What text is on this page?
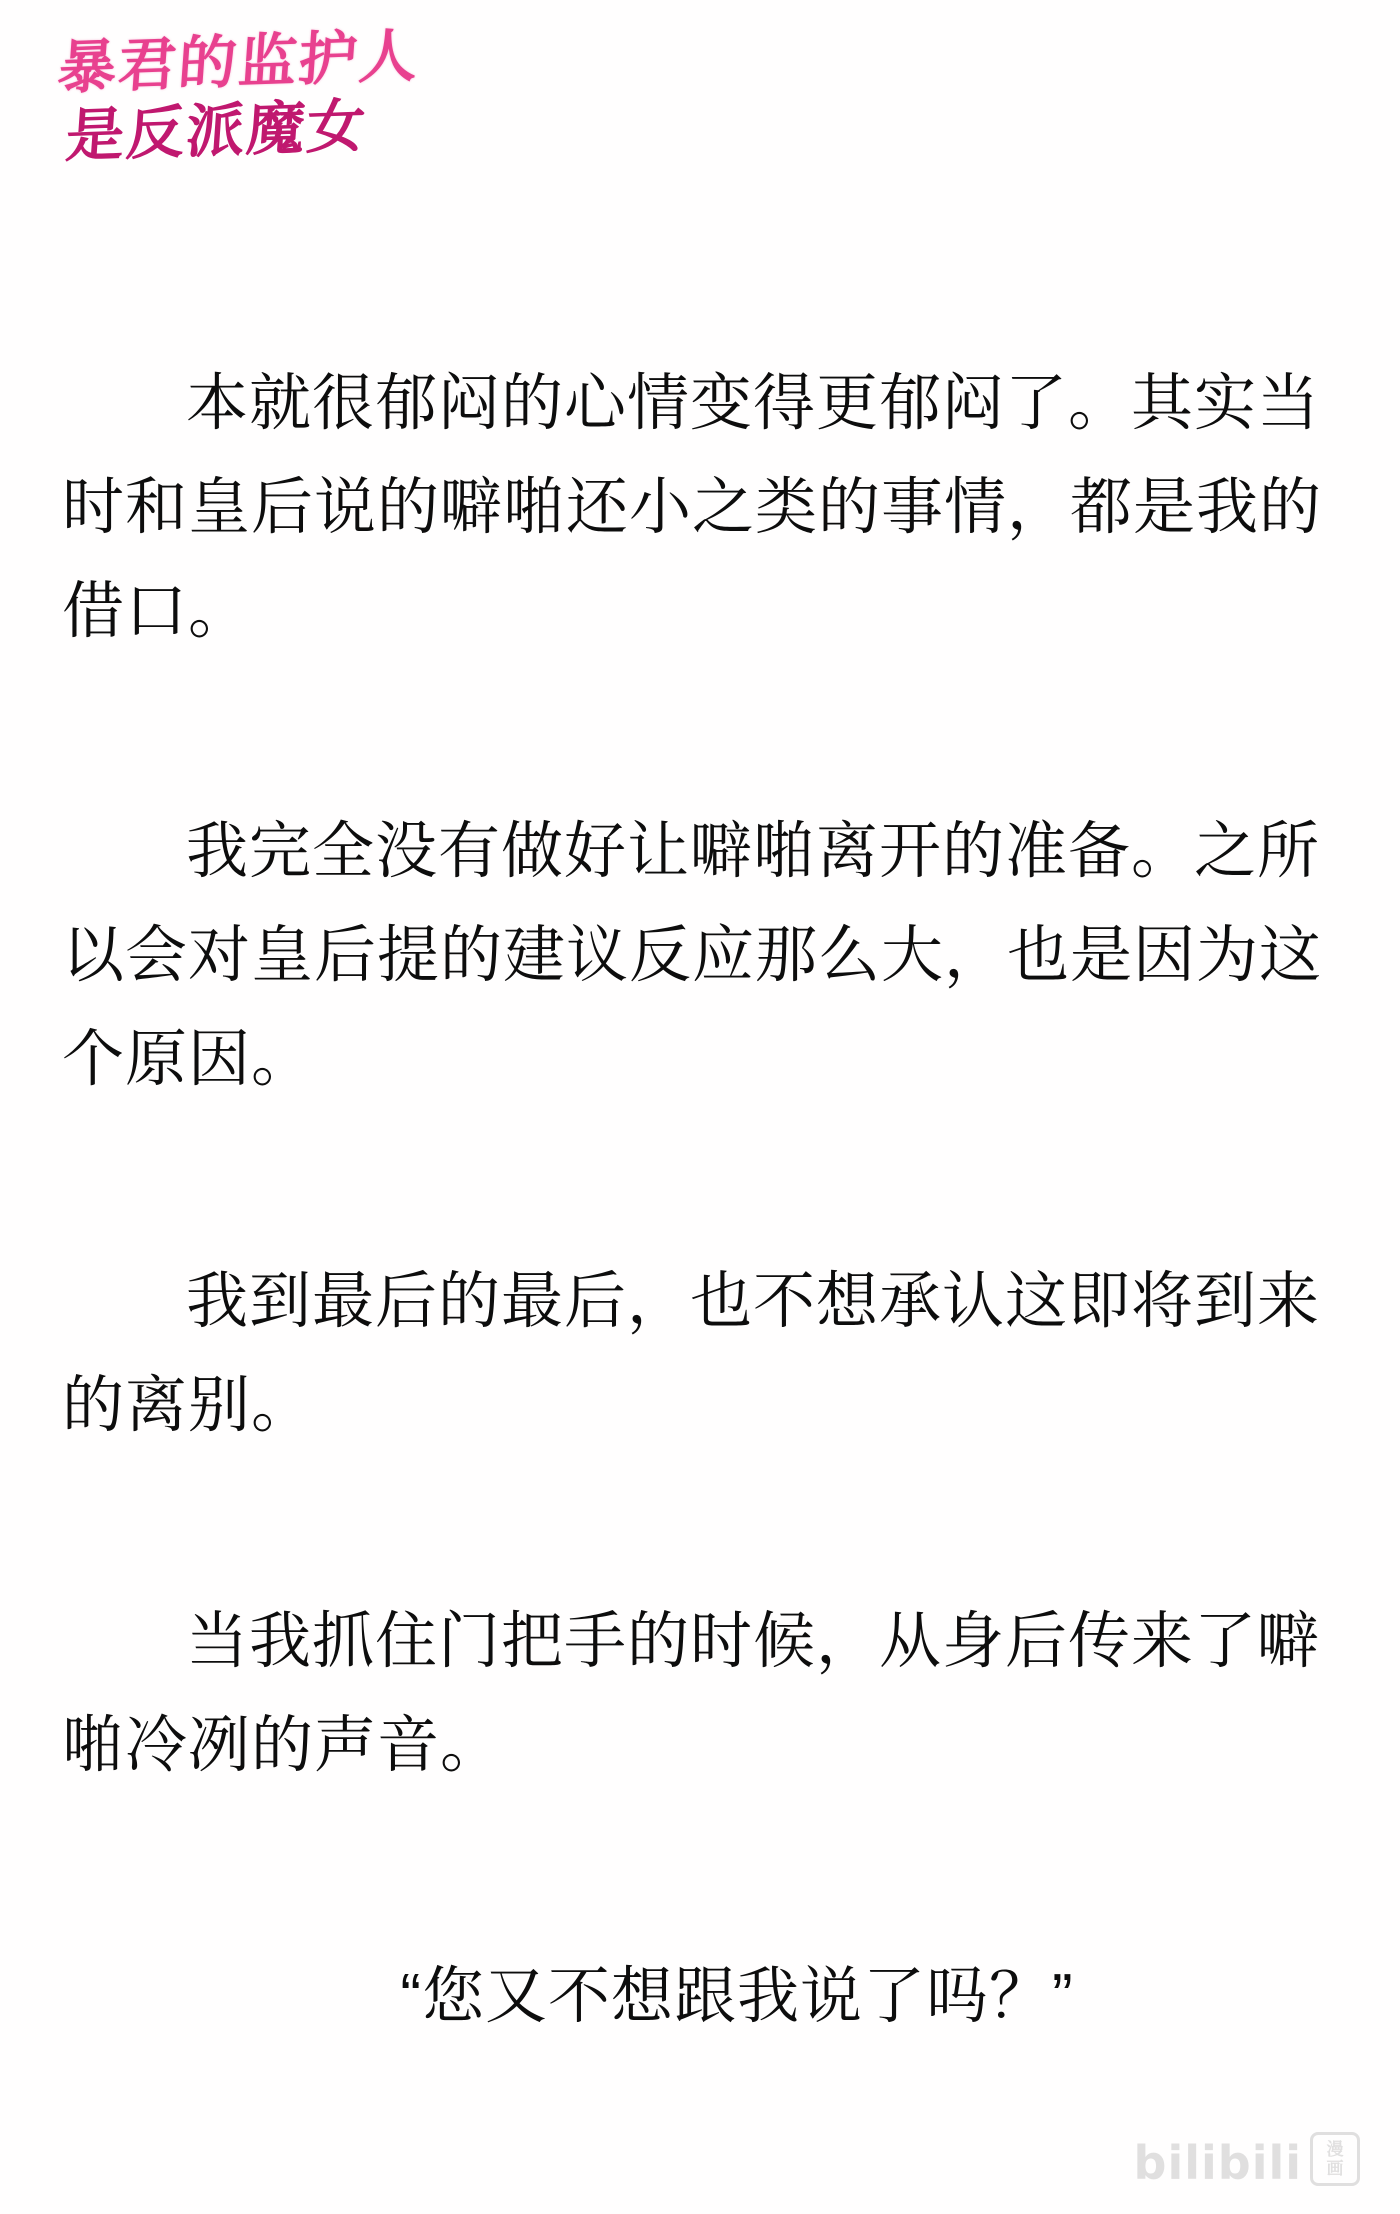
暴君的监护人
是反派魔女
本就很郁闷的心情变得更郁闷了。其实当时和皇后说的噼啪还小之类的事情，都是我的借口。
我完全没有做好让噼啪离开的准备。之所以会对皇后提的建议反应那么大，也是因为这个原因。
我到最后的最后，也不想承认这即将到来的离别。
当我抓住门把手的时候，从身后传来了噼啪冷冽的声音。
“您又不想跟我说了吗？”
bilibili 漫
画
